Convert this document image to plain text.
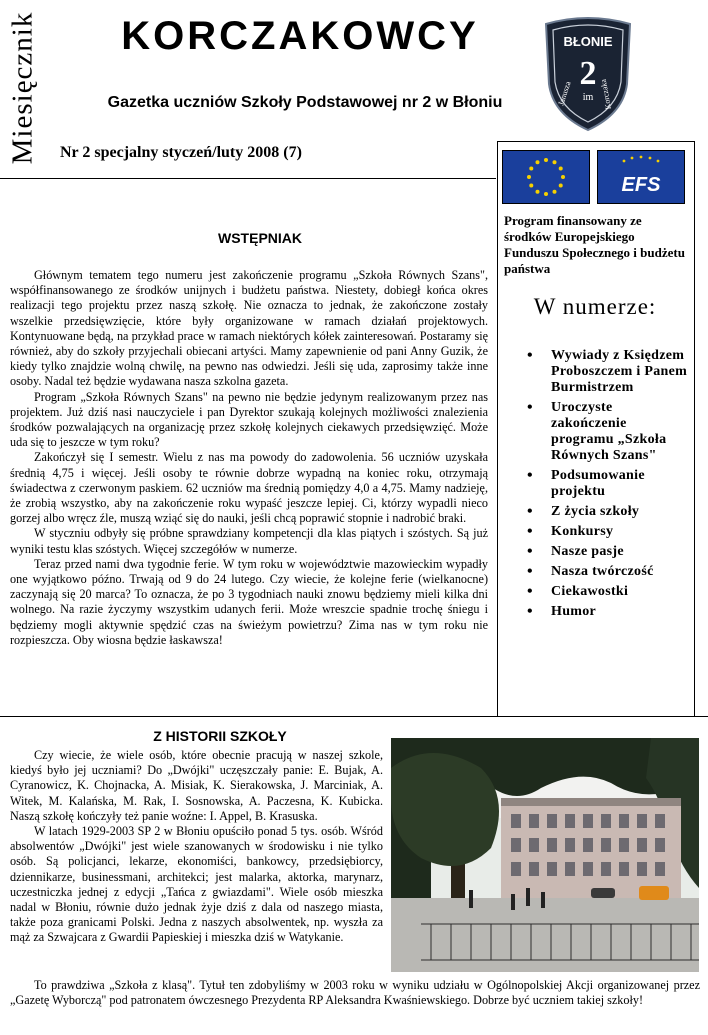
Miesięcznik	KORCZAKOWCY
Gazetka uczniów Szkoły Podstawowej nr 2 w Błoniu
Nr 2 specjalny styczeń/luty 2008 (7)
BŁONIE
2
im
Janusza	Korczaka
EFS
Program finansowany ze środków Europejskiego Funduszu Społecznego i budżetu państwa
W numerze:
• Wywiady z Księdzem Proboszczem i Panem Burmistrzem
• Uroczyste zakończenie programu „Szkoła Równych Szans"
• Podsumowanie projektu
• Z życia szkoły
• Konkursy
• Nasze pasje
• Nasza twórczość
• Ciekawostki
• Humor
WSTĘPNIAK

Głównym tematem tego numeru jest zakończenie programu „Szkoła Równych Szans", współfinansowanego ze środków unijnych i budżetu państwa. Niestety, dobiegł końca okres realizacji tego projektu przez naszą szkołę. Nie oznacza to jednak, że zakończone zostały wszelkie przedsięwzięcie, które były organizowane w ramach działań projektowych. Kontynuowane będą, na przykład prace w ramach niektórych kółek zainteresowań. Postaramy się również, aby do szkoły przyjechali obiecani artyści. Mamy zapewnienie od pani Anny Guzik, że kiedy tylko znajdzie wolną chwilę, na pewno nas odwiedzi. Jeśli się uda, zaprosimy także inne osoby. Nadal też będzie wydawana nasza szkolna gazeta.

Program „Szkoła Równych Szans" na pewno nie będzie jedynym realizowanym przez nas projektem. Już dziś nasi nauczyciele i pan Dyrektor szukają kolejnych możliwości znalezienia środków pozwalających na organizację przez szkołę kolejnych ciekawych przedsięwzięć. Może uda się to jeszcze w tym roku?

Zakończył się I semestr. Wielu z nas ma powody do zadowolenia. 56 uczniów uzyskała średnią 4,75 i więcej. Jeśli osoby te równie dobrze wypadną na koniec roku, otrzymają świadectwa z czerwonym paskiem. 62 uczniów ma średnią pomiędzy 4,0 a 4,75. Mamy nadzieję, że zrobią wszystko, aby na zakończenie roku wypaść jeszcze lepiej. Ci, którzy wypadli nieco gorzej albo wręcz źle, muszą wziąć się do nauki, jeśli chcą poprawić stopnie i nadrobić braki.

W styczniu odbyły się próbne sprawdziany kompetencji dla klas piątych i szóstych. Są już wyniki testu klas szóstych. Więcej szczegółów w numerze.

Teraz przed nami dwa tygodnie ferie. W tym roku w województwie mazowieckim wypadły one wyjątkowo późno. Trwają od 9 do 24 lutego. Czy wiecie, że kolejne ferie (wielkanocne) zaczynają się 20 marca? To oznacza, że po 3 tygodniach nauki znowu będziemy mieli kilka dni wolnego. Na razie życzymy wszystkim udanych ferii. Może wreszcie spadnie trochę śniegu i będziemy mogli aktywnie spędzić czas na świeżym powietrzu? Zima nas w tym roku nie rozpieszcza. Oby wiosna będzie łaskawsza!

Z HISTORII SZKOŁY

Czy wiecie, że wiele osób, które obecnie pracują w naszej szkole, kiedyś było jej uczniami? Do „Dwójki" uczęszczały panie: E. Bujak, A. Cyranowicz, K. Chojnacka, A. Misiak, K. Sierakowska, J. Marciniak, A. Witek, M. Kalańska, M. Rak, I. Sosnowska, A. Paczesna, K. Kubicka. Naszą szkołę kończyły też panie woźne: I. Appel, B. Krasuska.

W latach 1929-2003 SP 2 w Błoniu opuściło ponad 5 tys. osób. Wśród absolwentów „Dwójki" jest wiele szanowanych w środowisku i nie tylko osób. Są policjanci, lekarze, ekonomiści, bankowcy, przedsiębiorcy, dziennikarze, businessmani, architekci; jest malarka, aktorka, marynarz, uczestniczka jednej z edycji „Tańca z gwiazdami". Wiele osób mieszka nadal w Błoniu, równie dużo jednak żyje dziś z dala od naszego miasta, także poza granicami Polski. Jedna z naszych absolwentek, np. wyszła za mąż za Szwajcara z Gwardii Papieskiej i mieszka dziś w Watykanie.

To prawdziwa „Szkoła z klasą". Tytuł ten zdobyliśmy w 2003 roku w wyniku udziału w Ogólnopolskiej Akcji organizowanej przez „Gazetę Wyborczą" pod patronatem ówczesnego Prezydenta RP Aleksandra Kwaśniewskiego. Dobrze być uczniem takiej szkoły!
